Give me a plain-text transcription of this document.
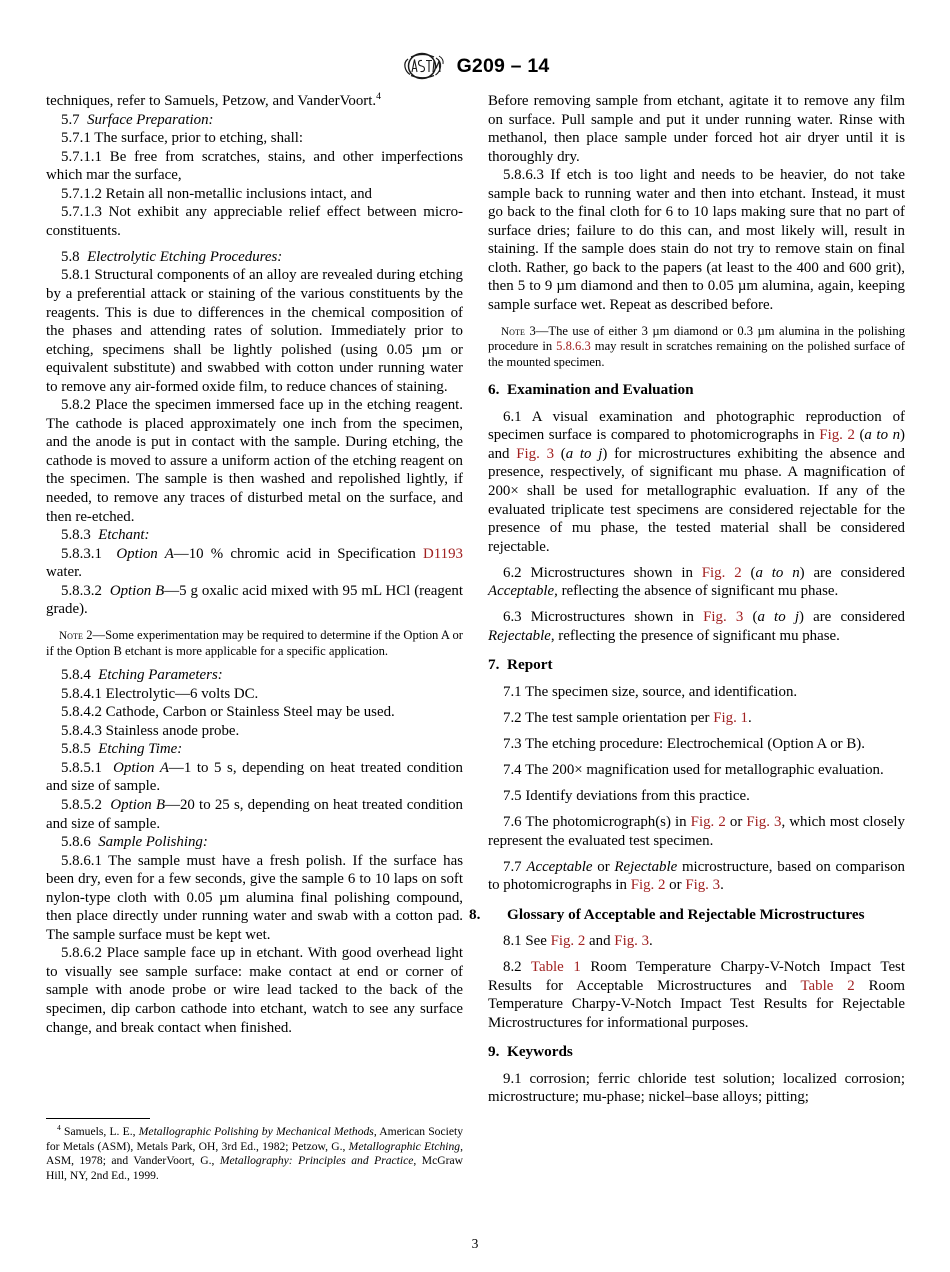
G209 – 14

techniques, refer to Samuels, Petzow, and VanderVoort.$^4$

5.7 Surface Preparation:

5.7.1 The surface, prior to etching, shall:

5.7.1.1 Be free from scratches, stains, and other imperfections which mar the surface,

5.7.1.2 Retain all non-metallic inclusions intact, and

5.7.1.3 Not exhibit any appreciable relief effect between micro-constituents.

5.8 Electrolytic Etching Procedures:

5.8.1 Structural components of an alloy are revealed during etching by a preferential attack or staining of the various constituents by the reagents. This is due to differences in the chemical composition of the phases and attending rates of solution. Immediately prior to etching, specimens shall be lightly polished (using 0.05 µm or equivalent substitute) and swabbed with cotton under running water to remove any air-formed oxide film, to reduce chances of staining.

5.8.2 Place the specimen immersed face up in the etching reagent. The cathode is placed approximately one inch from the specimen, and the anode is put in contact with the sample. During etching, the cathode is moved to assure a uniform action of the etching reagent on the specimen. The sample is then washed and repolished lightly, if needed, to remove any traces of disturbed metal on the surface, and then re-etched.

5.8.3 Etchant:

5.8.3.1 Option A—10 % chromic acid in Specification D1193 water.

5.8.3.2 Option B—5 g oxalic acid mixed with 95 mL HCl (reagent grade).

Note 2—Some experimentation may be required to determine if the Option A or if the Option B etchant is more applicable for a specific application.

5.8.4 Etching Parameters:

5.8.4.1 Electrolytic—6 volts DC.

5.8.4.2 Cathode, Carbon or Stainless Steel may be used.

5.8.4.3 Stainless anode probe.

5.8.5 Etching Time:

5.8.5.1 Option A—1 to 5 s, depending on heat treated condition and size of sample.

5.8.5.2 Option B—20 to 25 s, depending on heat treated condition and size of sample.

5.8.6 Sample Polishing:

5.8.6.1 The sample must have a fresh polish. If the surface has been dry, even for a few seconds, give the sample 6 to 10 laps on soft nylon-type cloth with 0.05 µm alumina final polishing compound, then place directly under running water and swab with a cotton pad. The sample surface must be kept wet.

5.8.6.2 Place sample face up in etchant. With good overhead light to visually see sample surface: make contact at end or corner of sample with anode probe or wire lead tacked to the back of the specimen, dip carbon cathode into etchant, watch to see any surface change, and break contact when finished.

Before removing sample from etchant, agitate it to remove any film on surface. Pull sample and put it under running water. Rinse with methanol, then place sample under forced hot air dryer until it is thoroughly dry.

5.8.6.3 If etch is too light and needs to be heavier, do not take sample back to running water and then into etchant. Instead, it must go back to the final cloth for 6 to 10 laps making sure that no part of surface dries; failure to do this can, and most likely will, result in staining. If the sample does stain do not try to remove stain on final cloth. Rather, go back to the papers (at least to the 400 and 600 grit), then 5 to 9 µm diamond and then to 0.05 µm alumina, again, keeping sample surface wet. Repeat as described before.

Note 3—The use of either 3 µm diamond or 0.3 µm alumina in the polishing procedure in 5.8.6.3 may result in scratches remaining on the polished surface of the mounted specimen.

6. Examination and Evaluation

6.1 A visual examination and photographic reproduction of specimen surface is compared to photomicrographs in Fig. 2 (a to n) and Fig. 3 (a to j) for microstructures exhibiting the absence and presence, respectively, of significant mu phase. A magnification of 200× shall be used for metallographic evaluation. If any of the evaluated triplicate test specimens are considered rejectable for the presence of mu phase, the tested material shall be considered rejectable.

6.2 Microstructures shown in Fig. 2 (a to n) are considered Acceptable, reflecting the absence of significant mu phase.

6.3 Microstructures shown in Fig. 3 (a to j) are considered Rejectable, reflecting the presence of significant mu phase.

7. Report

7.1 The specimen size, source, and identification.

7.2 The test sample orientation per Fig. 1.

7.3 The etching procedure: Electrochemical (Option A or B).

7.4 The 200× magnification used for metallographic evaluation.

7.5 Identify deviations from this practice.

7.6 The photomicrograph(s) in Fig. 2 or Fig. 3, which most closely represent the evaluated test specimen.

7.7 Acceptable or Rejectable microstructure, based on comparison to photomicrographs in Fig. 2 or Fig. 3.

8. Glossary of Acceptable and Rejectable Microstructures

8.1 See Fig. 2 and Fig. 3.

8.2 Table 1 Room Temperature Charpy-V-Notch Impact Test Results for Acceptable Microstructures and Table 2 Room Temperature Charpy-V-Notch Impact Test Results for Rejectable Microstructures for informational purposes.

9. Keywords

9.1 corrosion; ferric chloride test solution; localized corrosion; microstructure; mu-phase; nickel–base alloys; pitting;

$^4$ Samuels, L. E., Metallographic Polishing by Mechanical Methods, American Society for Metals (ASM), Metals Park, OH, 3rd Ed., 1982; Petzow, G., Metallographic Etching, ASM, 1978; and VanderVoort, G., Metallography: Principles and Practice, McGraw Hill, NY, 2nd Ed., 1999.

3
